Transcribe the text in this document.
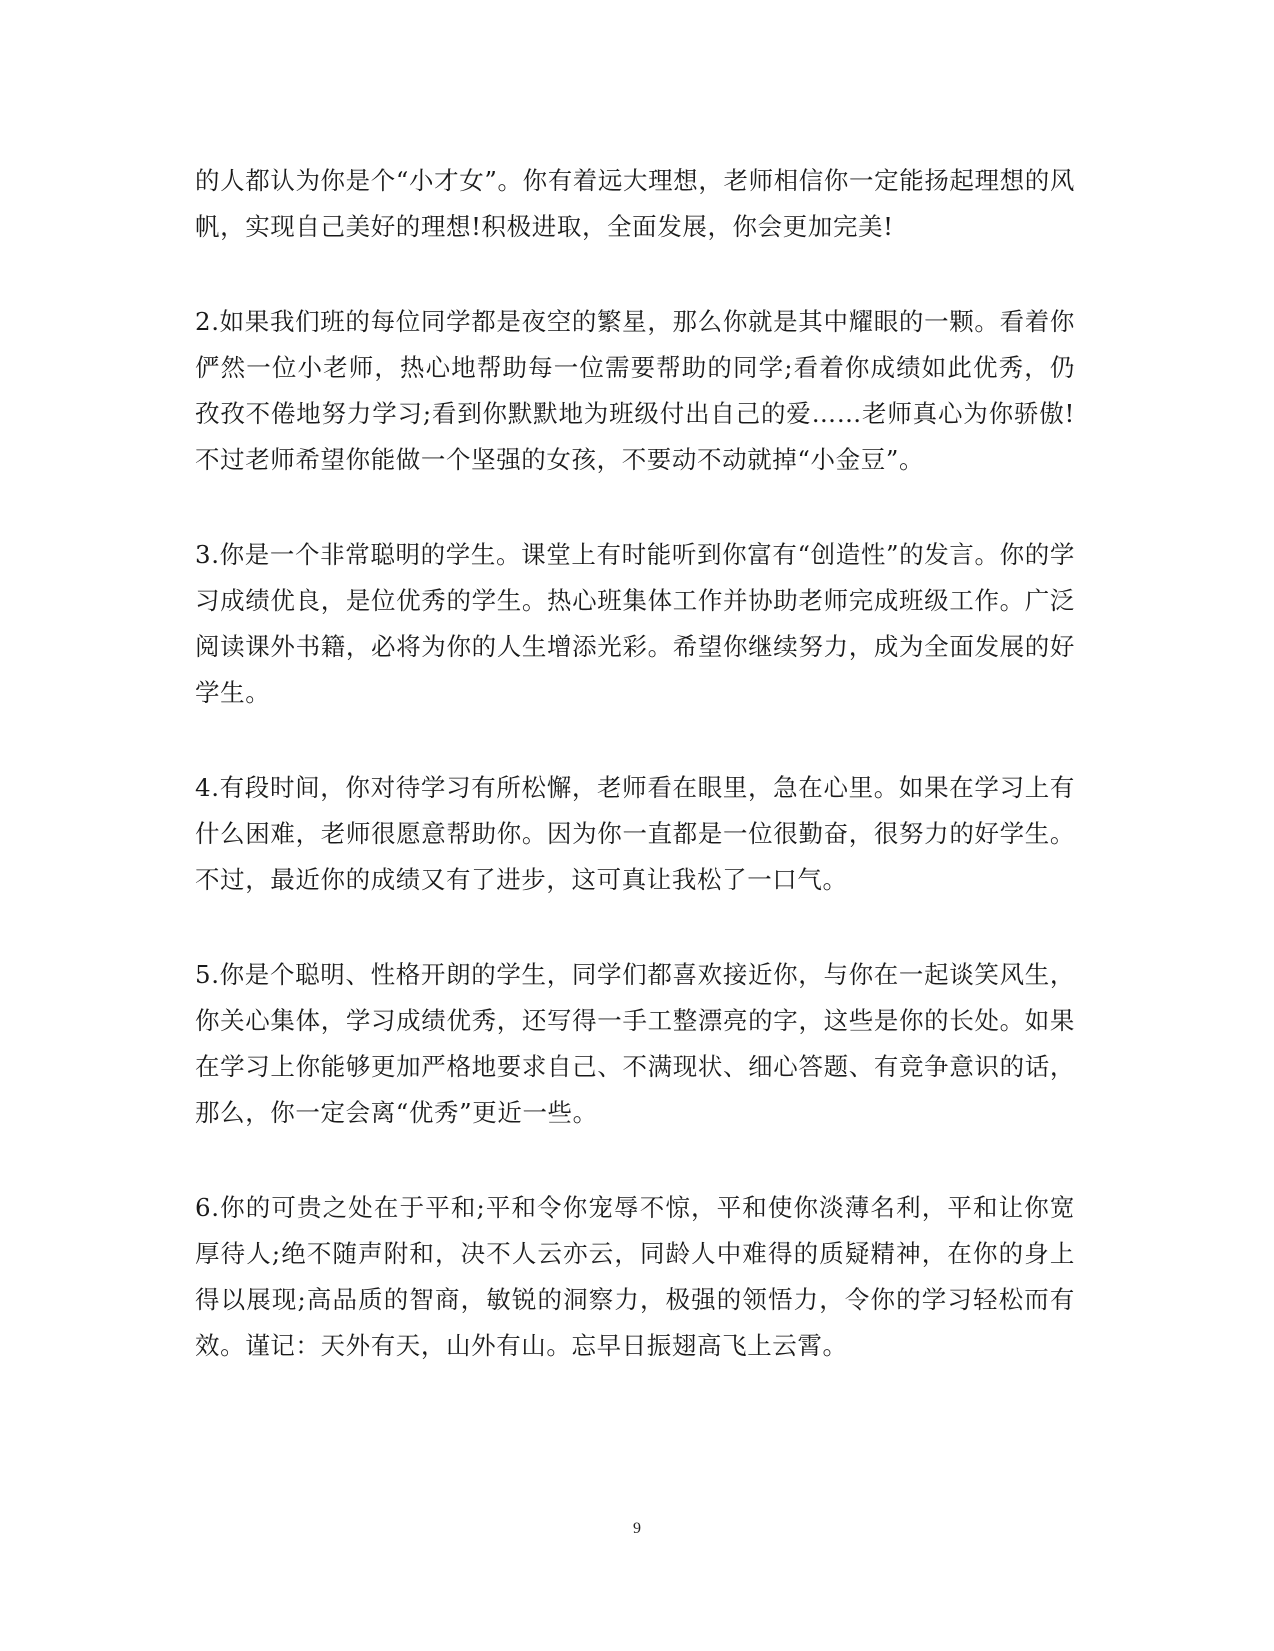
的人都认为你是个“小才女”。你有着远大理想，老师相信你一定能扬起理想的风帆，实现自己美好的理想!积极进取，全面发展，你会更加完美!

2.如果我们班的每位同学都是夜空的繁星，那么你就是其中耀眼的一颗。看着你俨然一位小老师，热心地帮助每一位需要帮助的同学;看着你成绩如此优秀，仍孜孜不倦地努力学习;看到你默默地为班级付出自己的爱……老师真心为你骄傲!不过老师希望你能做一个坚强的女孩，不要动不动就掉“小金豆”。

3.你是一个非常聪明的学生。课堂上有时能听到你富有“创造性”的发言。你的学习成绩优良，是位优秀的学生。热心班集体工作并协助老师完成班级工作。广泛阅读课外书籍，必将为你的人生增添光彩。希望你继续努力，成为全面发展的好学生。

4.有段时间，你对待学习有所松懈，老师看在眼里，急在心里。如果在学习上有什么困难，老师很愿意帮助你。因为你一直都是一位很勤奋，很努力的好学生。不过，最近你的成绩又有了进步，这可真让我松了一口气。

5.你是个聪明、性格开朗的学生，同学们都喜欢接近你，与你在一起谈笑风生，你关心集体，学习成绩优秀，还写得一手工整漂亮的字，这些是你的长处。如果在学习上你能够更加严格地要求自己、不满现状、细心答题、有竞争意识的话，那么，你一定会离“优秀”更近一些。

6.你的可贵之处在于平和;平和令你宠辱不惊，平和使你淡薄名利，平和让你宽厚待人;绝不随声附和，决不人云亦云，同龄人中难得的质疑精神，在你的身上得以展现;高品质的智商，敏锐的洞察力，极强的领悟力，令你的学习轻松而有效。谨记：天外有天，山外有山。忘早日振翅高飞上云霄。

9
